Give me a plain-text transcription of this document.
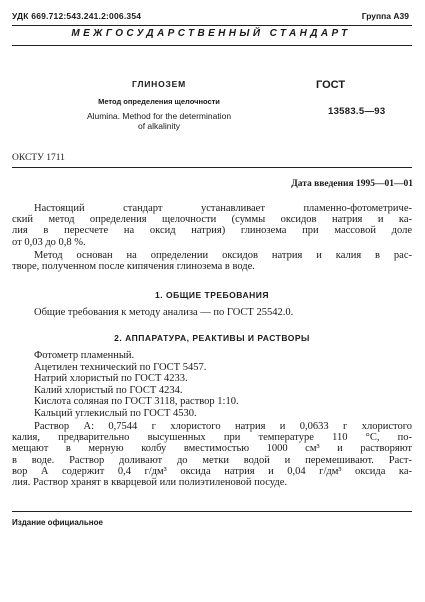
УДК 669.712:543.241.2:006.354	Группа А39
МЕЖГОСУДАРСТВЕННЫЙ СТАНДАРТ
ГЛИНОЗЕМ
Метод определения щелочности
Alumina. Method for the determination
of alkalinity
ГОСТ
13583.5—93
ОКСТУ 1711
Дата введения 1995—01—01
Настоящий стандарт устанавливает пламенно-фотометриче-
ский метод определения щелочности (суммы оксидов натрия и ка-
лия в пересчете на оксид натрия) глинозема при массовой доле
от 0,03 до 0,8 %.
Метод основан на определении оксидов натрия и калия в рас-
творе, полученном после кипячения глинозема в воде.
1. ОБЩИЕ ТРЕБОВАНИЯ
Общие требования к методу анализа — по ГОСТ 25542.0.
2. АППАРАТУРА, РЕАКТИВЫ И РАСТВОРЫ
Фотометр пламенный.
Ацетилен технический по ГОСТ 5457.
Натрий хлористый по ГОСТ 4233.
Калий хлористый по ГОСТ 4234.
Кислота соляная по ГОСТ 3118, раствор 1:10.
Кальций углекислый по ГОСТ 4530.
Раствор А: 0,7544 г хлористого натрия и 0,0633 г хлористого
калия, предварительно высушенных при температуре 110 °С, по-
мещают в мерную колбу вместимостью 1000 см³ и растворяют
в воде. Раствор доливают до метки водой и перемешивают. Раст-
вор А содержит 0,4 г/дм³ оксида натрия и 0,04 г/дм³ оксида ка-
лия. Раствор хранят в кварцевой или полиэтиленовой посуде.
Издание официальное
